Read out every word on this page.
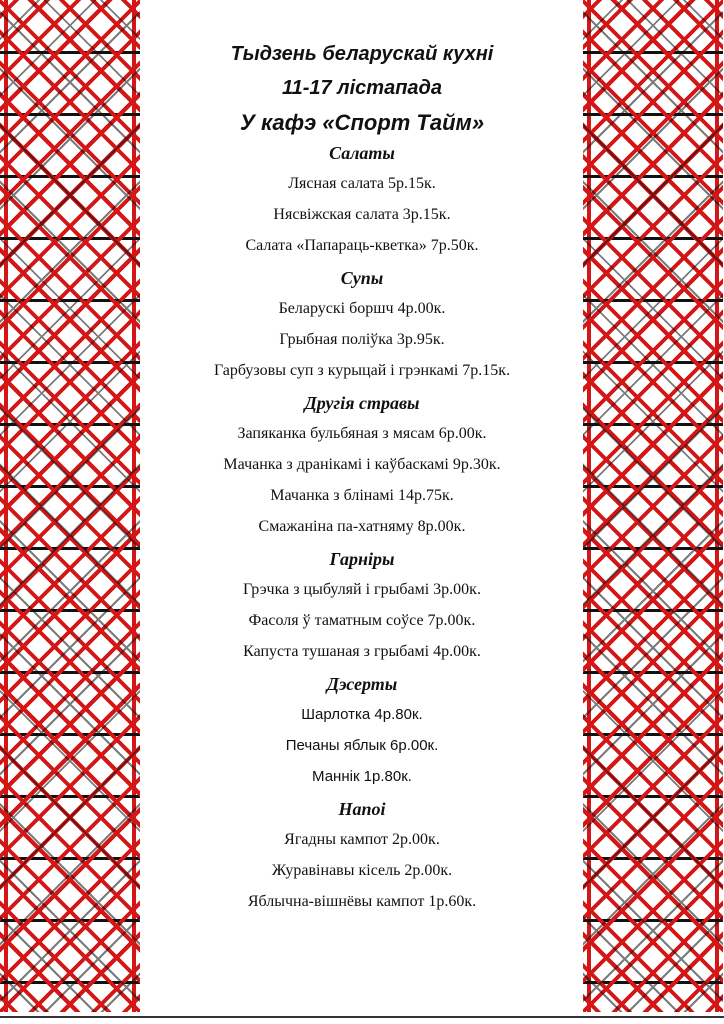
Тыдзень беларускай кухні
11-17 лістапада
У кафэ «Спорт Тайм»
Салаты
Лясная салата 5р.15к.
Нясвіжская салата 3р.15к.
Салата «Папараць-кветка» 7р.50к.
Супы
Беларускі боршч 4р.00к.
Грыбная поліўка 3р.95к.
Гарбузовы суп з курыцай і грэнкамі 7р.15к.
Другія стравы
Запяканка бульбяная з мясам 6р.00к.
Мачанка з дранікамі і каўбаскамі 9р.30к.
Мачанка з блінамі 14р.75к.
Смажаніна па-хатняму 8р.00к.
Гарніры
Грэчка з цыбуляй і грыбамі 3р.00к.
Фасоля ў таматным соўсе 7р.00к.
Капуста тушаная з грыбамі 4р.00к.
Дэсерты
Шарлотка 4р.80к.
Печаны яблык 6р.00к.
Маннік 1р.80к.
Напоі
Ягадны кампот 2р.00к.
Журавінавы кісель 2р.00к.
Яблычна-вішнёвы кампот 1р.60к.
